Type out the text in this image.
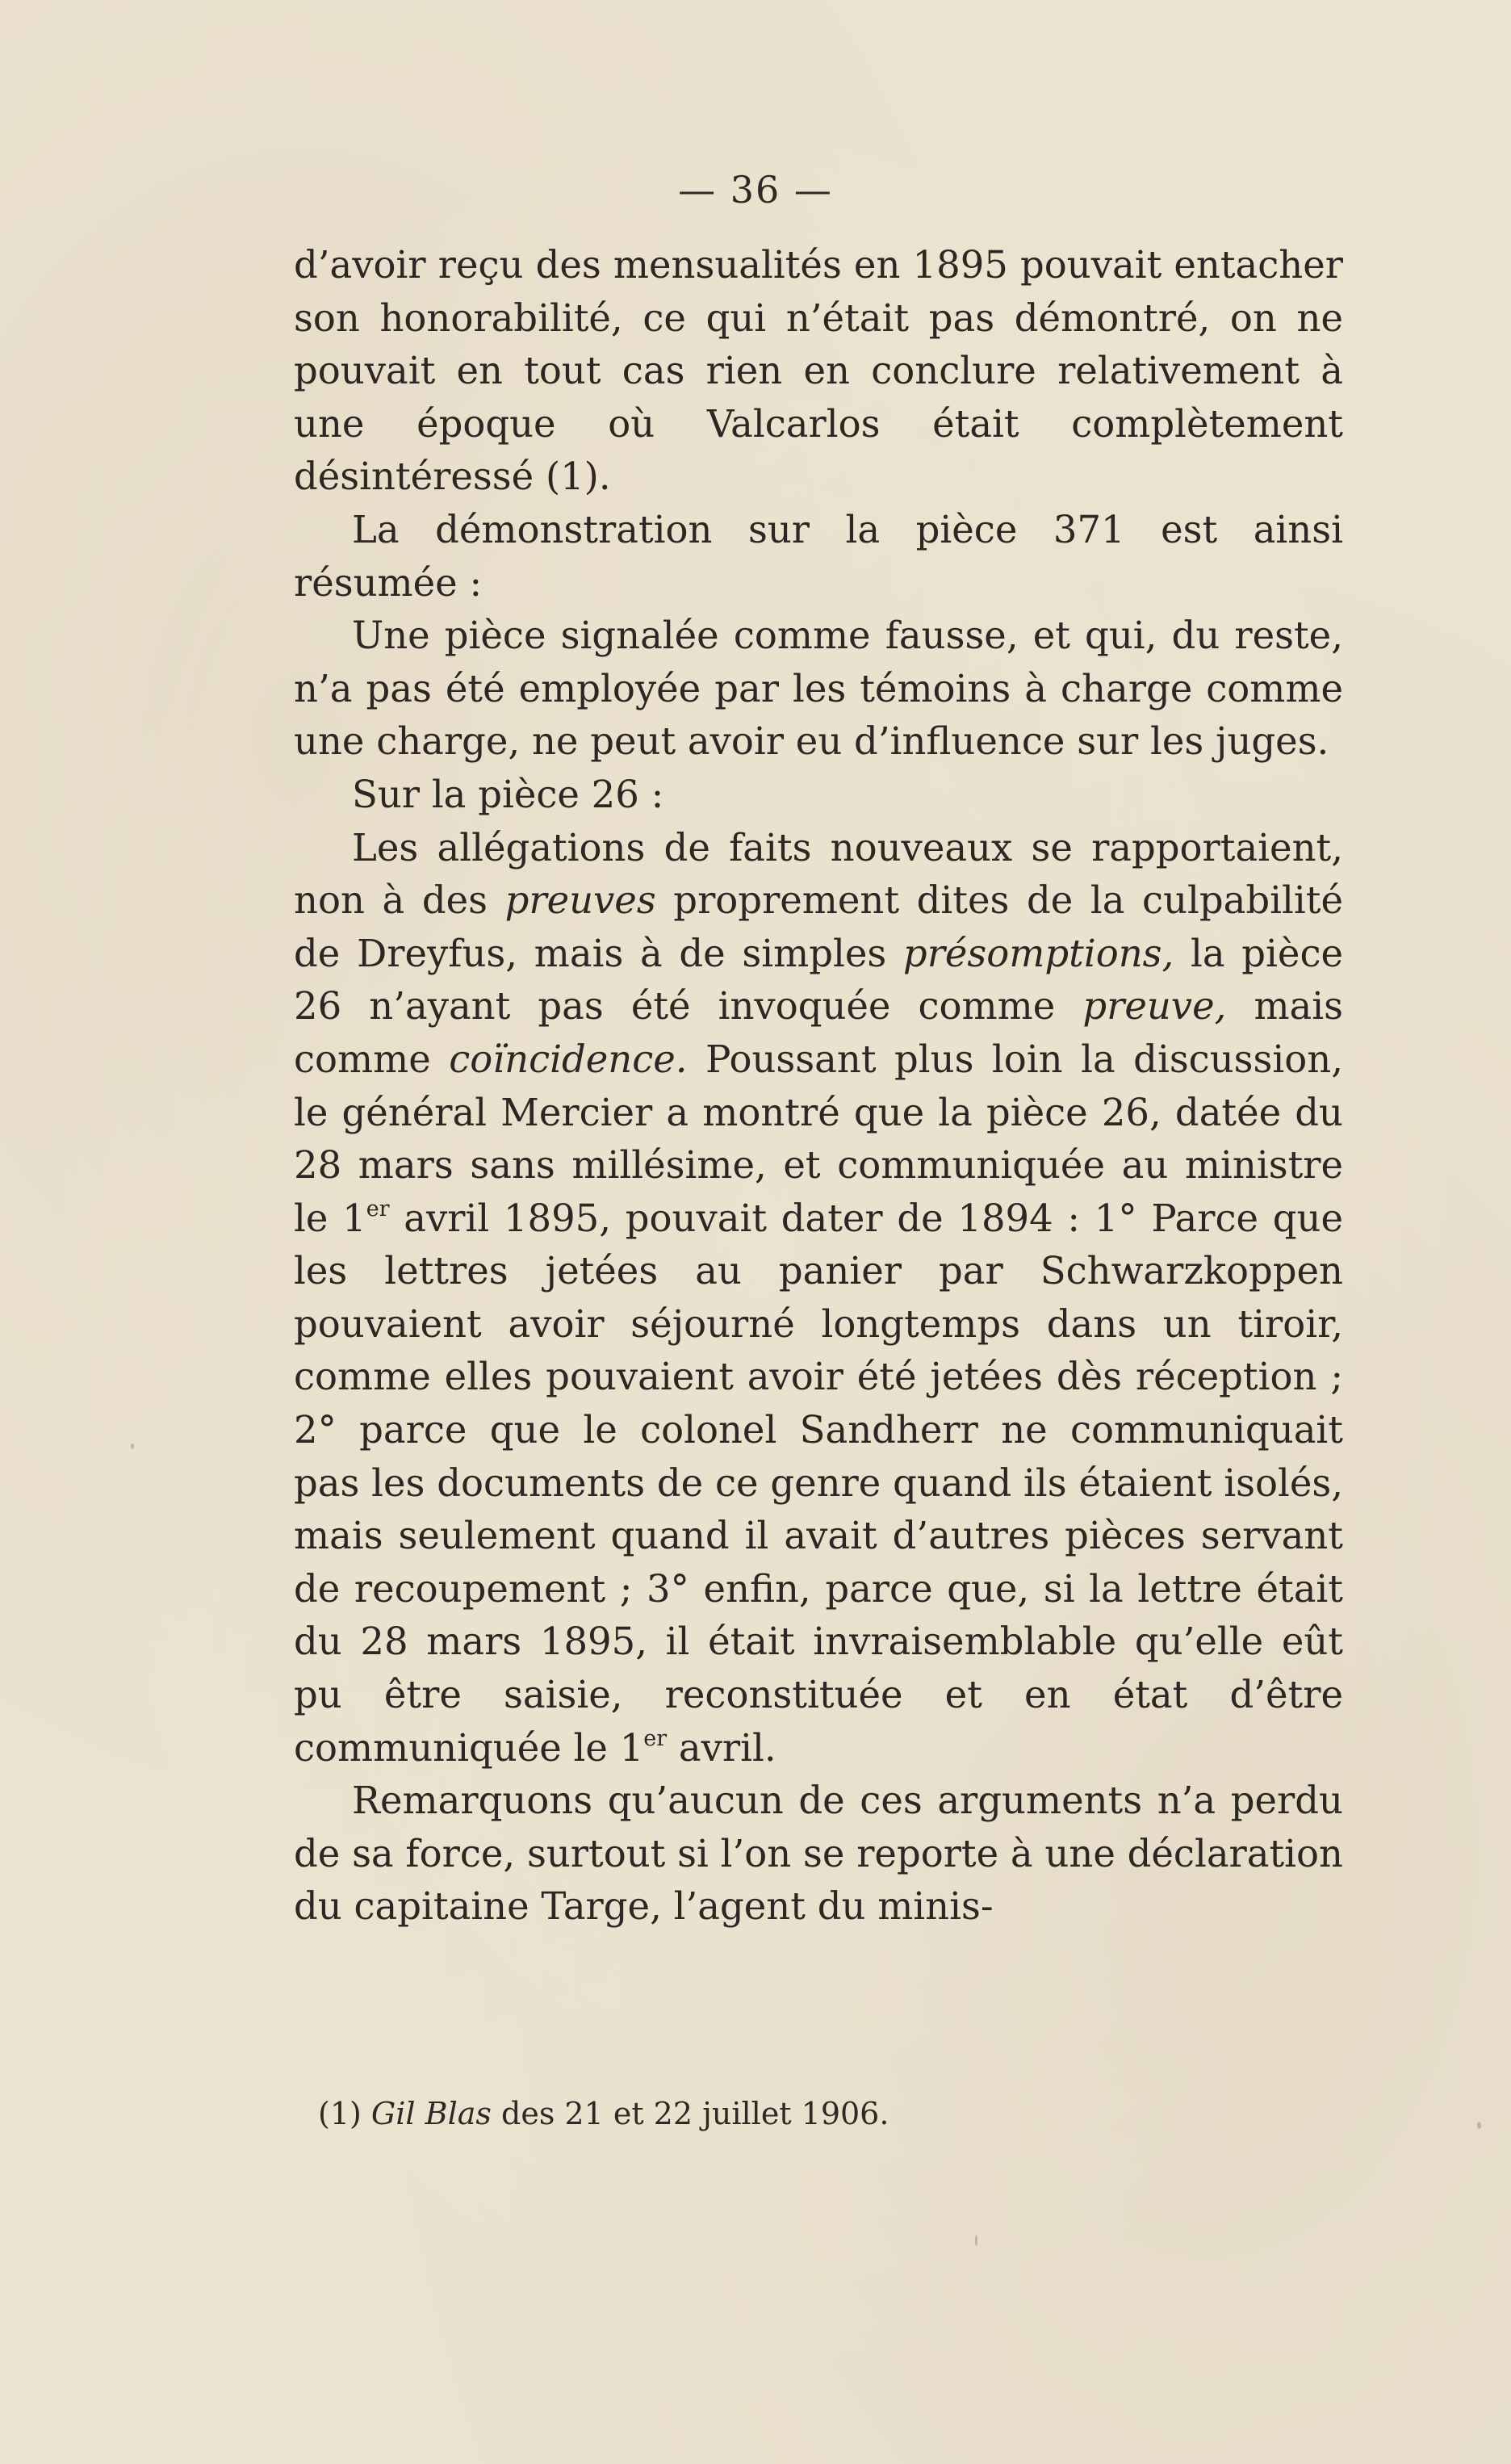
— 36 —

d’avoir reçu des mensualités en 1895 pouvait entacher son honorabilité, ce qui n’était pas démontré, on ne pouvait en tout cas rien en conclure relativement à une époque où Valcarlos était complètement désintéressé (1).

La démonstration sur la pièce 371 est ainsi résumée :

Une pièce signalée comme fausse, et qui, du reste, n’a pas été employée par les témoins à charge comme une charge, ne peut avoir eu d’influence sur les juges.

Sur la pièce 26 :

Les allégations de faits nouveaux se rapportaient, non à des preuves proprement dites de la culpabilité de Dreyfus, mais à de simples présomptions, la pièce 26 n’ayant pas été invoquée comme preuve, mais comme coïncidence. Poussant plus loin la discussion, le général Mercier a montré que la pièce 26, datée du 28 mars sans millésime, et communiquée au ministre le 1er avril 1895, pouvait dater de 1894 : 1° Parce que les lettres jetées au panier par Schwarzkoppen pouvaient avoir séjourné longtemps dans un tiroir, comme elles pouvaient avoir été jetées dès réception ; 2° parce que le colonel Sandherr ne communiquait pas les documents de ce genre quand ils étaient isolés, mais seulement quand il avait d’autres pièces servant de recoupement ; 3° enfin, parce que, si la lettre était du 28 mars 1895, il était invraisemblable qu’elle eût pu être saisie, reconstituée et en état d’être communiquée le 1er avril.

Remarquons qu’aucun de ces arguments n’a perdu de sa force, surtout si l’on se reporte à une déclaration du capitaine Targe, l’agent du minis-

(1) Gil Blas des 21 et 22 juillet 1906.
